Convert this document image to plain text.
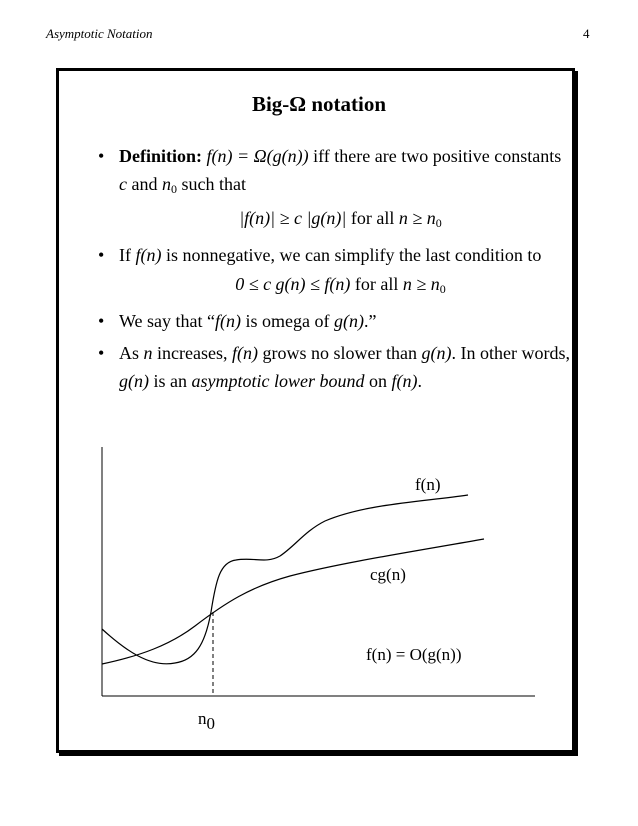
Asymptotic Notation	4
Big-Ω notation
• Definition: f(n) = Ω(g(n)) iff there are two positive constants c and $n_0$ such that
|f(n)| ≥ c |g(n)| for all $n \ge n_0$
• If f(n) is nonnegative, we can simplify the last condition to
0 ≤ c g(n) ≤ f(n) for all $n \ge n_0$
• We say that “f(n) is omega of g(n).”
• As n increases, f(n) grows no slower than g(n). In other words, g(n) is an asymptotic lower bound on f(n).
f(n)
cg(n)
f(n) = O(g(n))
n0
